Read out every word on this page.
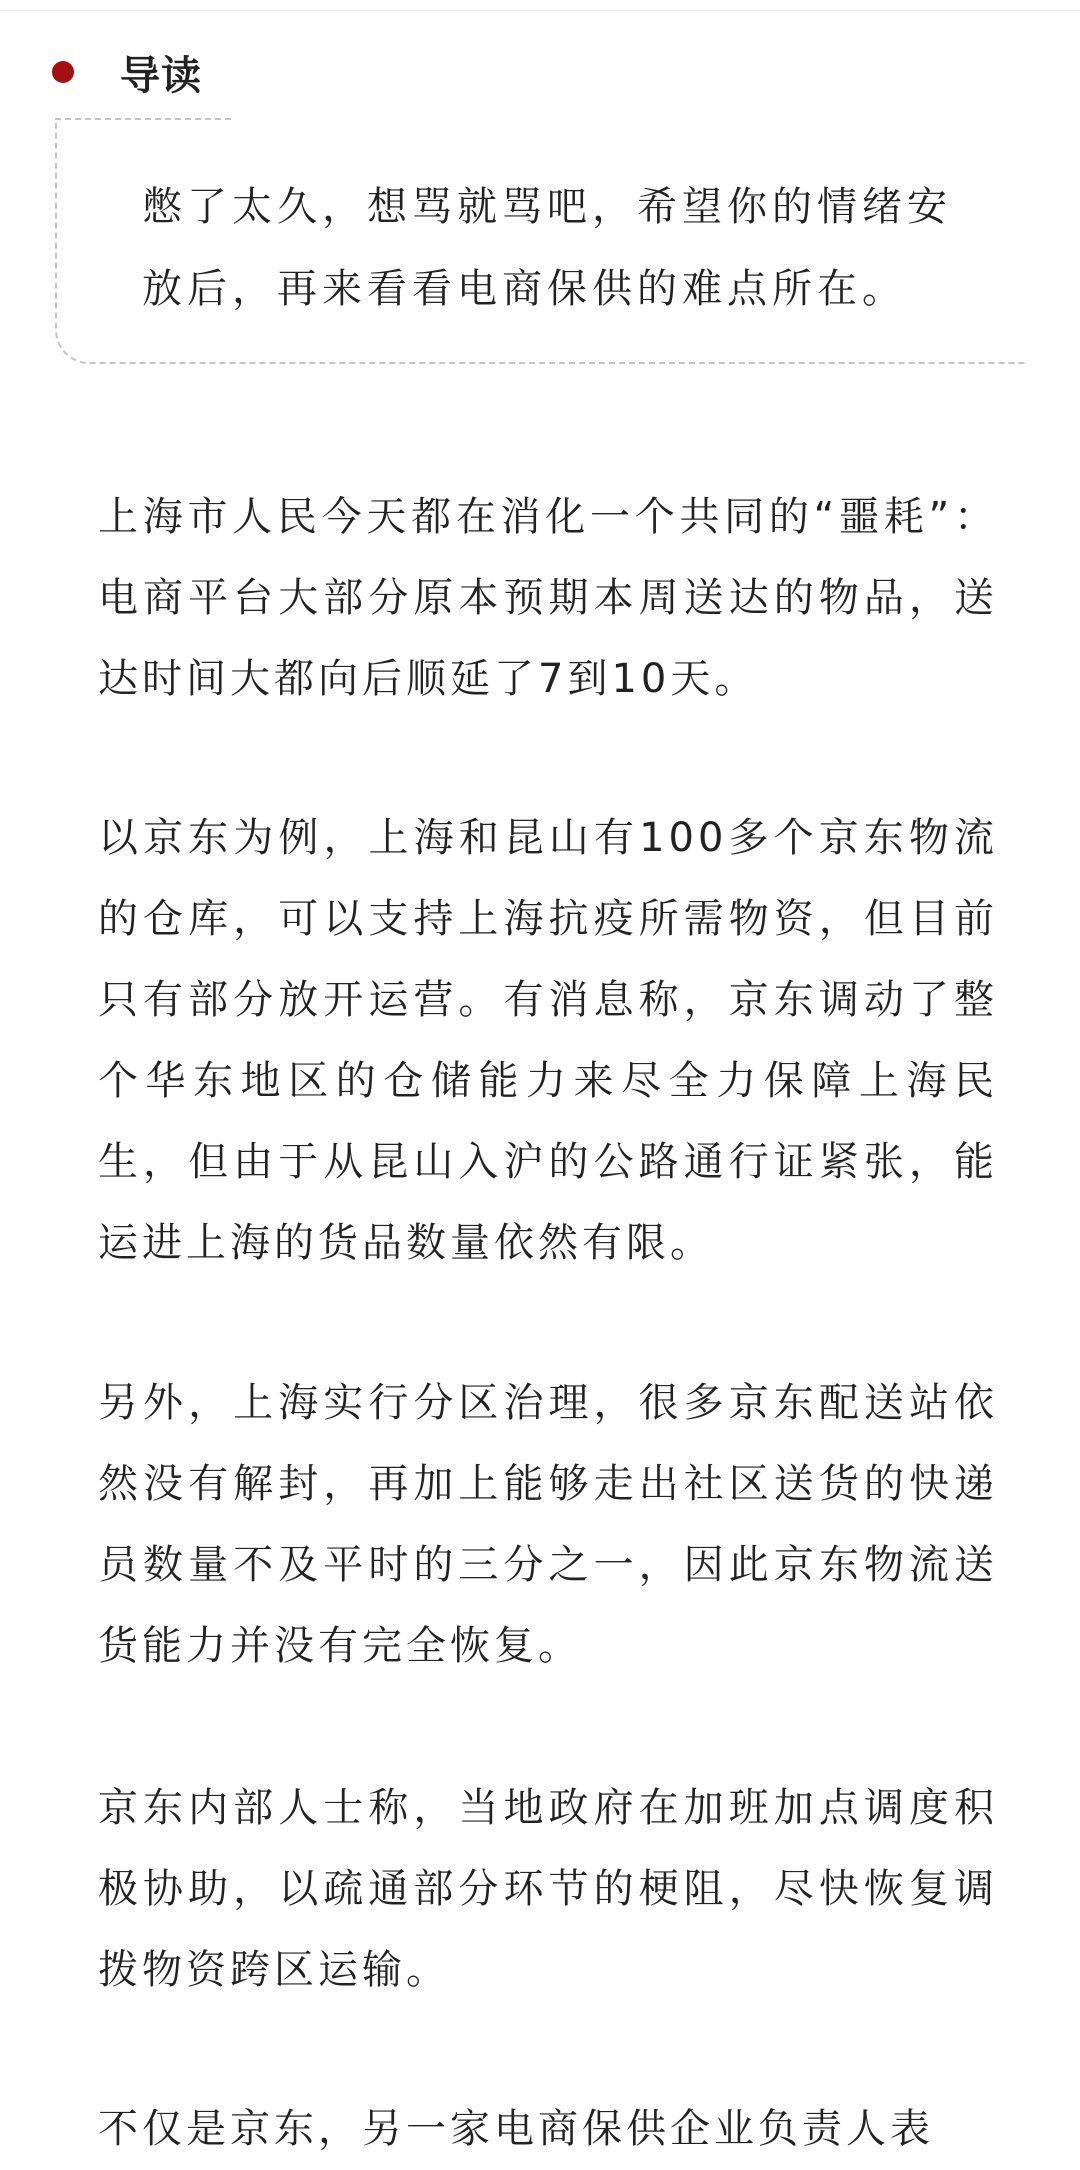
导读

憋了太久，想骂就骂吧，希望你的情绪安放后，再来看看电商保供的难点所在。

上海市人民今天都在消化一个共同的“噩耗”：电商平台大部分原本预期本周送达的物品，送达时间大都向后顺延了7到10天。

以京东为例，上海和昆山有100多个京东物流的仓库，可以支持上海抗疫所需物资，但目前只有部分放开运营。有消息称，京东调动了整个华东地区的仓储能力来尽全力保障上海民生，但由于从昆山入沪的公路通行证紧张，能运进上海的货品数量依然有限。

另外，上海实行分区治理，很多京东配送站依然没有解封，再加上能够走出社区送货的快递员数量不及平时的三分之一，因此京东物流送货能力并没有完全恢复。

京东内部人士称，当地政府在加班加点调度积极协助，以疏通部分环节的梗阻，尽快恢复调拨物资跨区运输。

不仅是京东，另一家电商保供企业负责人表
